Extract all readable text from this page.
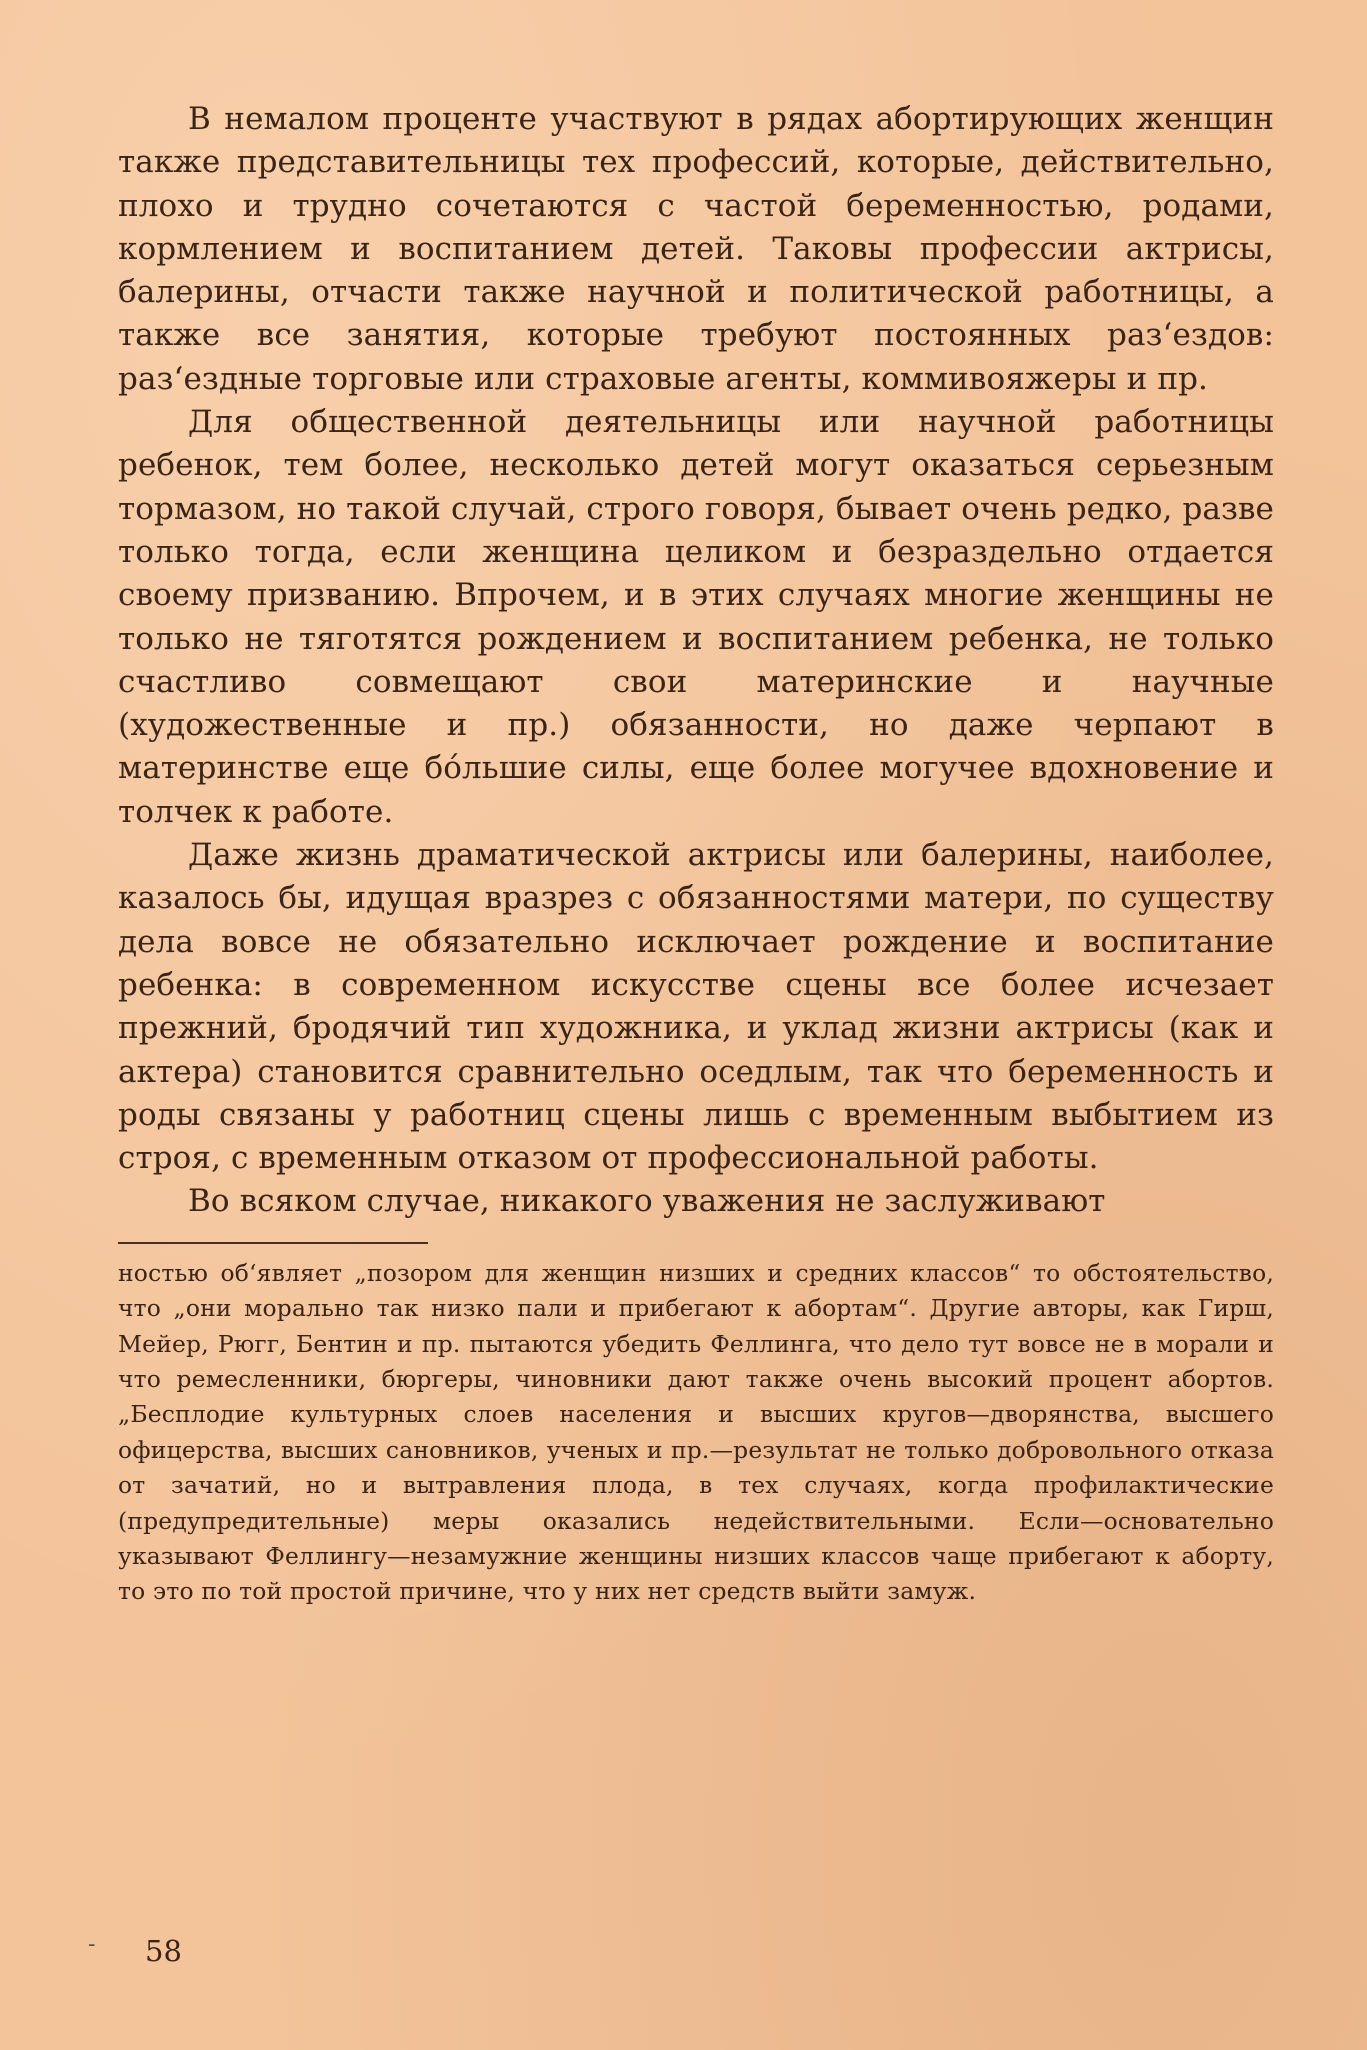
В немалом проценте участвуют в рядах абортирующих женщин также представительницы тех профессий, которые, действительно, плохо и трудно сочетаются с частой беременностью, родами, кормлением и воспитанием детей. Таковы профессии актрисы, балерины, отчасти также научной и политической работницы, а также все занятия, которые требуют постоянных раз‘ездов: раз‘ездные торговые или страховые агенты, коммивояжеры и пр.

Для общественной деятельницы или научной работницы ребенок, тем более, несколько детей могут оказаться серьезным тормазом, но такой случай, строго говоря, бывает очень редко, разве только тогда, если женщина целиком и безраздельно отдается своему призванию. Впрочем, и в этих случаях многие женщины не только не тяготятся рождением и воспитанием ребенка, не только счастливо совмещают свои материнские и научные (художественные и пр.) обязанности, но даже черпают в материнстве еще бóльшие силы, еще более могучее вдохновение и толчек к работе.

Даже жизнь драматической актрисы или балерины, наиболее, казалось бы, идущая вразрез с обязанностями матери, по существу дела вовсе не обязательно исключает рождение и воспитание ребенка: в современном искусстве сцены все более исчезает прежний, бродячий тип художника, и уклад жизни актрисы (как и актера) становится сравнительно оседлым, так что беременность и роды связаны у работниц сцены лишь с временным выбытием из строя, с временным отказом от профессиональной работы.

Во всяком случае, никакого уважения не заслуживают

ностью об‘являет „позором для женщин низших и средних классов“ то обстоятельство, что „они морально так низко пали и прибегают к абортам“. Другие авторы, как Гирш, Мейер, Рюгг, Бентин и пр. пытаются убедить Феллинга, что дело тут вовсе не в морали и что ремесленники, бюргеры, чиновники дают также очень высокий процент абортов. „Бесплодие культурных слоев населения и высших кругов—дворянства, высшего офицерства, высших сановников, ученых и пр.—результат не только добровольного отказа от зачатий, но и вытравления плода, в тех случаях, когда профилактические (предупредительные) меры оказались недействительными. Если—основательно указывают Феллингу—незамужние женщины низших классов чаще прибегают к аборту, то это по той простой причине, что у них нет средств выйти замуж.

- 58
